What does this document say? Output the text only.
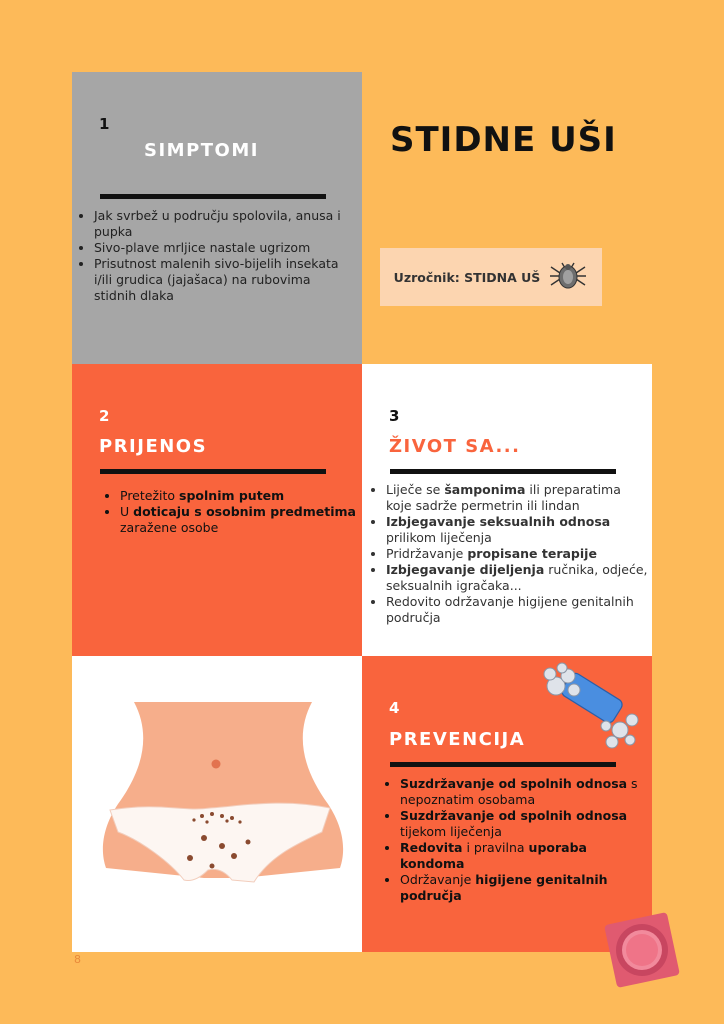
1
SIMPTOMI
• Jak svrbež u području spolovila, anusa i pupka
• Sivo-plave mrljice nastale ugrizom
• Prisutnost malenih sivo-bijelih insekata i/ili grudica (jajašaca) na rubovima stidnih dlaka
STIDNE UŠI
Uzročnik: STIDNA UŠ
2
PRIJENOS
• Pretežito spolnim putem
• U doticaju s osobnim predmetima zaražene osobe
3
ŽIVOT SA...
• Liječe se šamponima ili preparatima koje sadrže permetrin ili lindan
• Izbjegavanje seksualnih odnosa prilikom liječenja
• Pridržavanje propisane terapije
• Izbjegavanje dijeljenja ručnika, odjeće, seksualnih igračaka...
• Redovito održavanje higijene genitalnih područja
4
PREVENCIJA
• Suzdržavanje od spolnih odnosa s nepoznatim osobama
• Suzdržavanje od spolnih odnosa tijekom liječenja
• Redovita i pravilna uporaba kondoma
• Održavanje higijene genitalnih područja
8
